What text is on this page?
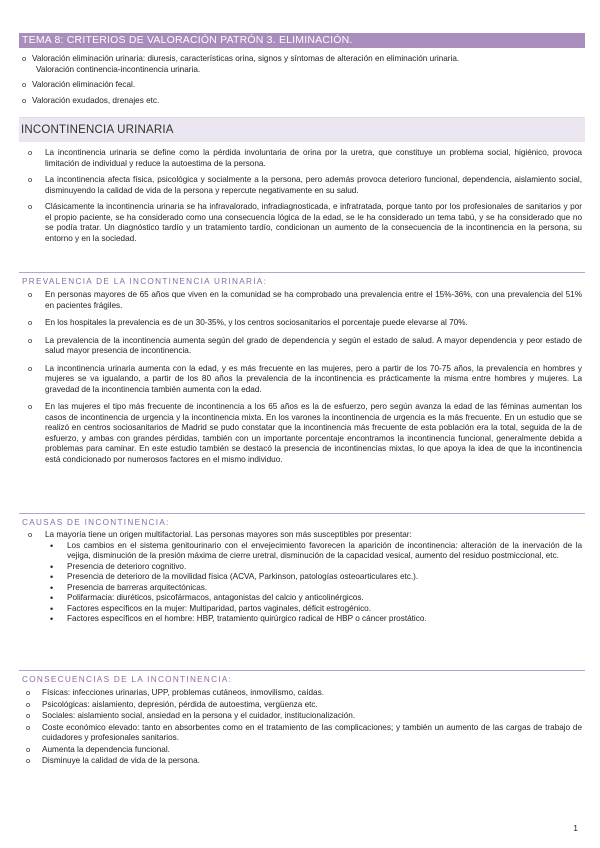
TEMA 8: CRITERIOS DE VALORACIÓN PATRÓN 3. ELIMINACIÓN.
o Valoración eliminación urinaria: diuresis, características orina, signos y síntomas de alteración en eliminación urinaria.
Valoración continencia-incontinencia urinaria.
o Valoración eliminación fecal.
o Valoración exudados, drenajes etc.
INCONTINENCIA URINARIA
o La incontinencia urinaria se define como la pérdida involuntaria de orina por la uretra, que constituye un problema social, higiénico, provoca limitación de individual y reduce la autoestima de la persona.
o La incontinencia afecta física, psicológica y socialmente a la persona, pero además provoca deterioro funcional, dependencia, aislamiento social, disminuyendo la calidad de vida de la persona y repercute negativamente en su salud.
o Clásicamente la incontinencia urinaria se ha infravalorado, infradiagnosticada, e infratratada, porque tanto por los profesionales de sanitarios y por el propio paciente, se ha considerado como una consecuencia lógica de la edad, se le ha considerado un tema tabú, y se ha considerado que no se podía tratar. Un diagnóstico tardío y un tratamiento tardío, condicionan un aumento de la consecuencia de la incontinencia en la persona, su entorno y en la sociedad.
PREVALENCIA DE LA INCONTINENCIA URINARIA:
o En personas mayores de 65 años que viven en la comunidad se ha comprobado una prevalencia entre el 15%-36%, con una prevalencia del 51% en pacientes frágiles.
o En los hospitales la prevalencia es de un 30-35%, y los centros sociosanitarios el porcentaje puede elevarse al 70%.
o La prevalencia de la incontinencia aumenta según del grado de dependencia y según el estado de salud. A mayor dependencia y peor estado de salud mayor presencia de incontinencia.
o La incontinencia urinaria aumenta con la edad, y es más frecuente en las mujeres, pero a partir de los 70-75 años, la prevalencia en hombres y mujeres se va igualando, a partir de los 80 años la prevalencia de la incontinencia es prácticamente la misma entre hombres y mujeres. La gravedad de la incontinencia también aumenta con la edad.
o En las mujeres el tipo más frecuente de incontinencia a los 65 años es la de esfuerzo, pero según avanza la edad de las féminas aumentan los casos de incontinencia de urgencia y la incontinencia mixta. En los varones la incontinencia de urgencia es la más frecuente. En un estudio que se realizó en centros sociosanitarios de Madrid se pudo constatar que la incontinencia más frecuente de esta población era la total, seguida de la de esfuerzo, y ambas con grandes pérdidas, también con un importante porcentaje encontramos la incontinencia funcional, generalmente debida a problemas para caminar. En este estudio también se destacó la presencia de incontinencias mixtas, lo que apoya la idea de que la incontinencia está condicionado por numerosos factores en el mismo individuo.
CAUSAS DE INCONTINENCIA:
o La mayoría tiene un origen multifactorial. Las personas mayores son más susceptibles por presentar:
• Los cambios en el sistema genitourinario con el envejecimiento favorecen la aparición de incontinencia: alteración de la inervación de la vejiga, disminución de la presión máxima de cierre uretral, disminución de la capacidad vesical, aumento del residuo postmiccional, etc.
• Presencia de deterioro cognitivo.
• Presencia de deterioro de la movilidad física (ACVA, Parkinson, patologías osteoarticulares etc.).
• Presencia de barreras arquitectónicas.
• Polifarmacia: diuréticos, psicofármacos, antagonistas del calcio y anticolinérgicos.
• Factores específicos en la mujer: Multiparidad, partos vaginales, déficit estrogénico.
• Factores específicos en el hombre: HBP, tratamiento quirúrgico radical de HBP o cáncer prostático.
CONSECUENCIAS DE LA INCONTINENCIA:
o Físicas: infecciones urinarias, UPP, problemas cutáneos, inmovilismo, caídas.
o Psicológicas: aislamiento, depresión, pérdida de autoestima, vergüenza etc.
o Sociales: aislamiento social, ansiedad en la persona y el cuidador, institucionalización.
o Coste económico elevado: tanto en absorbentes como en el tratamiento de las complicaciones; y también un aumento de las cargas de trabajo de cuidadores y profesionales sanitarios.
o Aumenta la dependencia funcional.
o Disminuye la calidad de vida de la persona.
1
